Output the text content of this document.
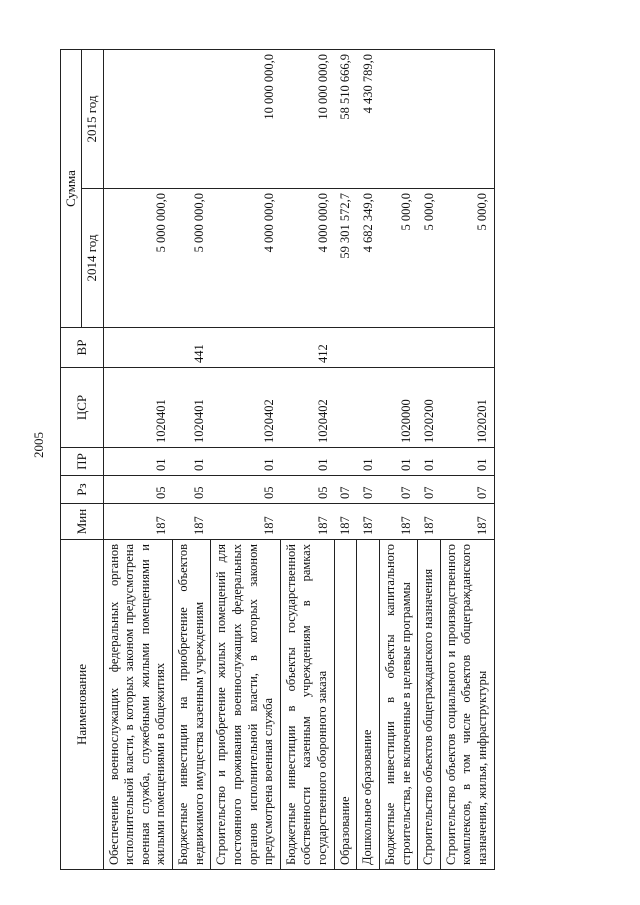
2005
Наименование	Мин	Рз	ПР	ЦСР	ВР	Сумма	
						2014 год	2015 год
Обеспечение военнослужащих федеральных органов исполнительной власти, в которых законом предусмотрена военная служба, служебными жилыми помещениями и жилыми помещениями в общежитиях	187	05	01	1020401		5 000 000,0	
Бюджетные инвестиции на приобретение объектов недвижимого имущества казенным учреждениям	187	05	01	1020401	441	5 000 000,0	
Строительство и приобретение жилых помещений для постоянного проживания военнослужащих федеральных органов исполнительной власти, в которых законом предусмотрена военная служба	187	05	01	1020402		4 000 000,0	10 000 000,0
Бюджетные инвестиции в объекты государственной собственности казенным учреждениям в рамках государственного оборонного заказа	187	05	01	1020402	412	4 000 000,0	10 000 000,0
Образование	187	07				59 301 572,7	58 510 666,9
Дошкольное образование	187	07	01			4 682 349,0	4 430 789,0
Бюджетные инвестиции в объекты капитального строительства, не включенные в целевые программы	187	07	01	1020000		5 000,0	
Строительство объектов общегражданского назначения	187	07	01	1020200		5 000,0	
Строительство объектов социального и производственного комплексов, в том числе объектов общегражданского назначения, жилья, инфраструктуры	187	07	01	1020201		5 000,0	
